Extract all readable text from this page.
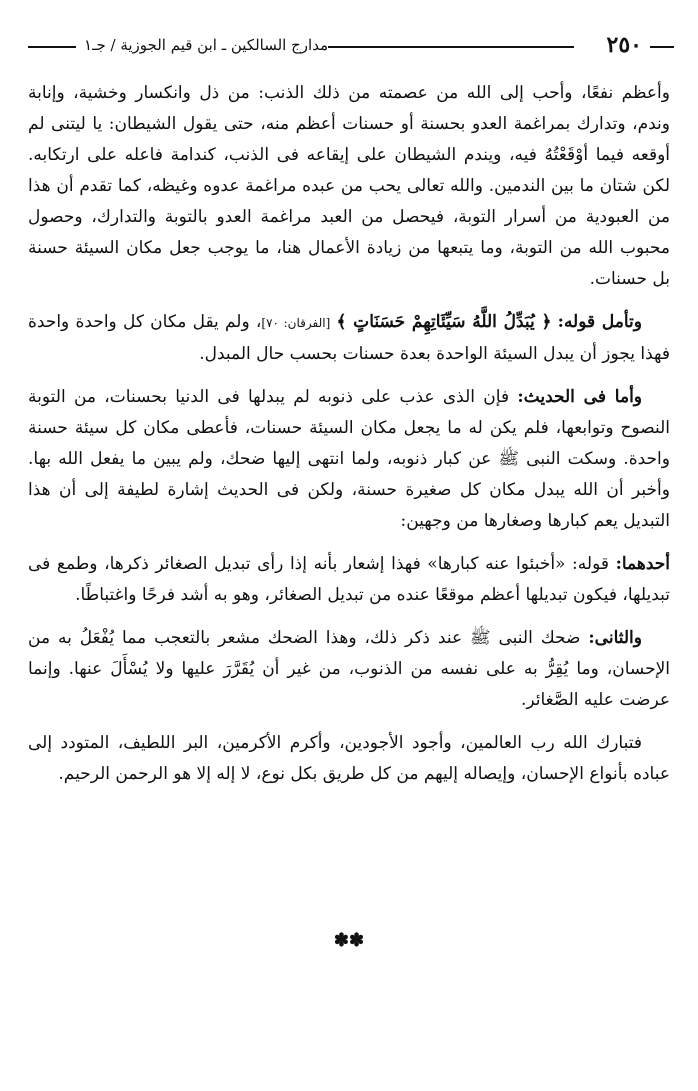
٢٥٠
مدارج السالكين ـ ابن قيم الجوزية / جـ١

وأعظم نفعًا، وأحب إلى الله من عصمته من ذلك الذنب: من ذل وانكسار وخشية، وإنابة وندم، وتدارك بمراغمة العدو بحسنة أو حسنات أعظم منه، حتى يقول الشيطان: يا ليتنى لم أوقعه فيما أوْقَعْتُهُ فيه، ويندم الشيطان على إيقاعه فى الذنب، كندامة فاعله على ارتكابه. لكن شتان ما بين الندمين. والله تعالى يحب من عبده مراغمة عدوه وغيظه، كما تقدم أن هذا من العبودية من أسرار التوبة، فيحصل من العبد مراغمة العدو بالتوبة والتدارك، وحصول محبوب الله من التوبة، وما يتبعها من زيادة الأعمال هنا، ما يوجب جعل مكان السيئة حسنة بل حسنات.

وتأمل قوله: ﴿ يُبَدِّلُ اللَّهُ سَيِّئَاتِهِمْ حَسَنَاتٍ ﴾ [الفرقان: ٧٠]، ولم يقل مكان كل واحدة واحدة فهذا يجوز أن يبدل السيئة الواحدة بعدة حسنات بحسب حال المبدل.

وأما فى الحديث: فإن الذى عذب على ذنوبه لم يبدلها فى الدنيا بحسنات، من التوبة النصوح وتوابعها، فلم يكن له ما يجعل مكان السيئة حسنات، فأعطى مكان كل سيئة حسنة واحدة. وسكت النبى ﷺ عن كبار ذنوبه، ولما انتهى إليها ضحك، ولم يبين ما يفعل الله بها. وأخبر أن الله يبدل مكان كل صغيرة حسنة، ولكن فى الحديث إشارة لطيفة إلى أن هذا التبديل يعم كبارها وصغارها من وجهين:

أحدهما: قوله: «أخبئوا عنه كبارها» فهذا إشعار بأنه إذا رأى تبديل الصغائر ذكرها، وطمع فى تبديلها، فيكون تبديلها أعظم موقعًا عنده من تبديل الصغائر، وهو به أشد فرحًا واغتباطًا.

والثانى: ضحك النبى ﷺ عند ذكر ذلك، وهذا الضحك مشعر بالتعجب مما يُفْعَلُ به من الإحسان، وما يُقِرُّ به على نفسه من الذنوب، من غير أن يُقَرَّرَ عليها ولا يُسْأَلَ عنها. وإنما عرضت عليه الصَّغائر.

فتبارك الله رب العالمين، وأجود الأجودين، وأكرم الأكرمين، البر اللطيف، المتودد إلى عباده بأنواع الإحسان، وإيصاله إليهم من كل طريق بكل نوع، لا إله إلا هو الرحمن الرحيم.

✽✽
